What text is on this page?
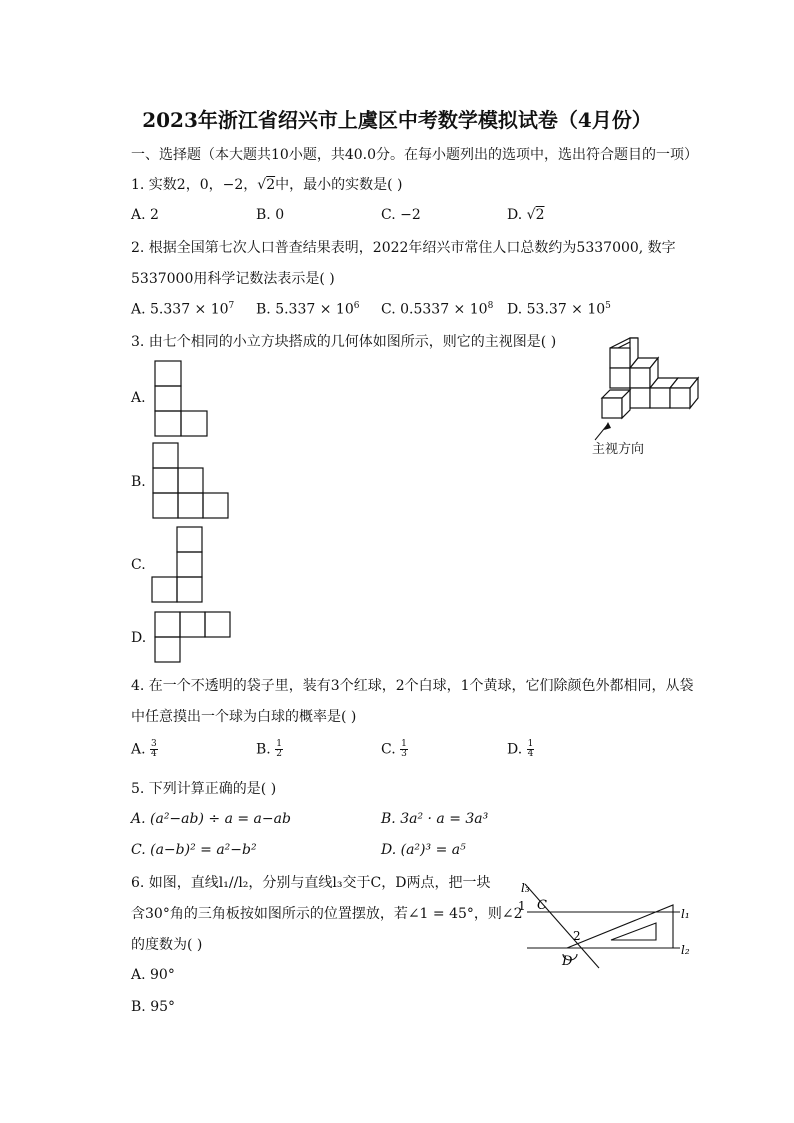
2023年浙江省绍兴市上虞区中考数学模拟试卷（4月份）
一、选择题（本大题共10小题，共40.0分。在每小题列出的选项中，选出符合题目的一项）
1. 实数2，0，−2，√2中，最小的实数是( )
A. 2	B. 0	C. −2	D. √2
2. 根据全国第七次人口普查结果表明，2022年绍兴市常住人口总数约为5337000, 数字
5337000用科学记数法表示是( )
A. $5.337 \times 10^7$ B. $5.337 \times 10^6$ C. $0.5337 \times 10^8$ D. $53.37 \times 10^5$
3. 由七个相同的小立方块搭成的几何体如图所示，则它的主视图是( )
主视方向
A.
B.
C.
D.
4. 在一个不透明的袋子里，装有3个红球，2个白球，1个黄球，它们除颜色外都相同，从袋
中任意摸出一个球为白球的概率是( )
A. $\frac{3}{4}$	B. $\frac{1}{2}$	C. $\frac{1}{3}$	D. $\frac{1}{4}$
5. 下列计算正确的是( )
A. (a²−ab) ÷ a = a−ab	B. 3a² · a = 3a³
C. (a−b)² = a²−b²	D. (a²)³ = a⁵
6. 如图，直线l₁//l₂，分别与直线l₃交于C，D两点，把一块
含30°角的三角板按如图所示的位置摆放，若∠1 = 45°，则∠2
的度数为( )
A. 90°
B. 95°
l₃
l₁
l₂
1
2
C
D
